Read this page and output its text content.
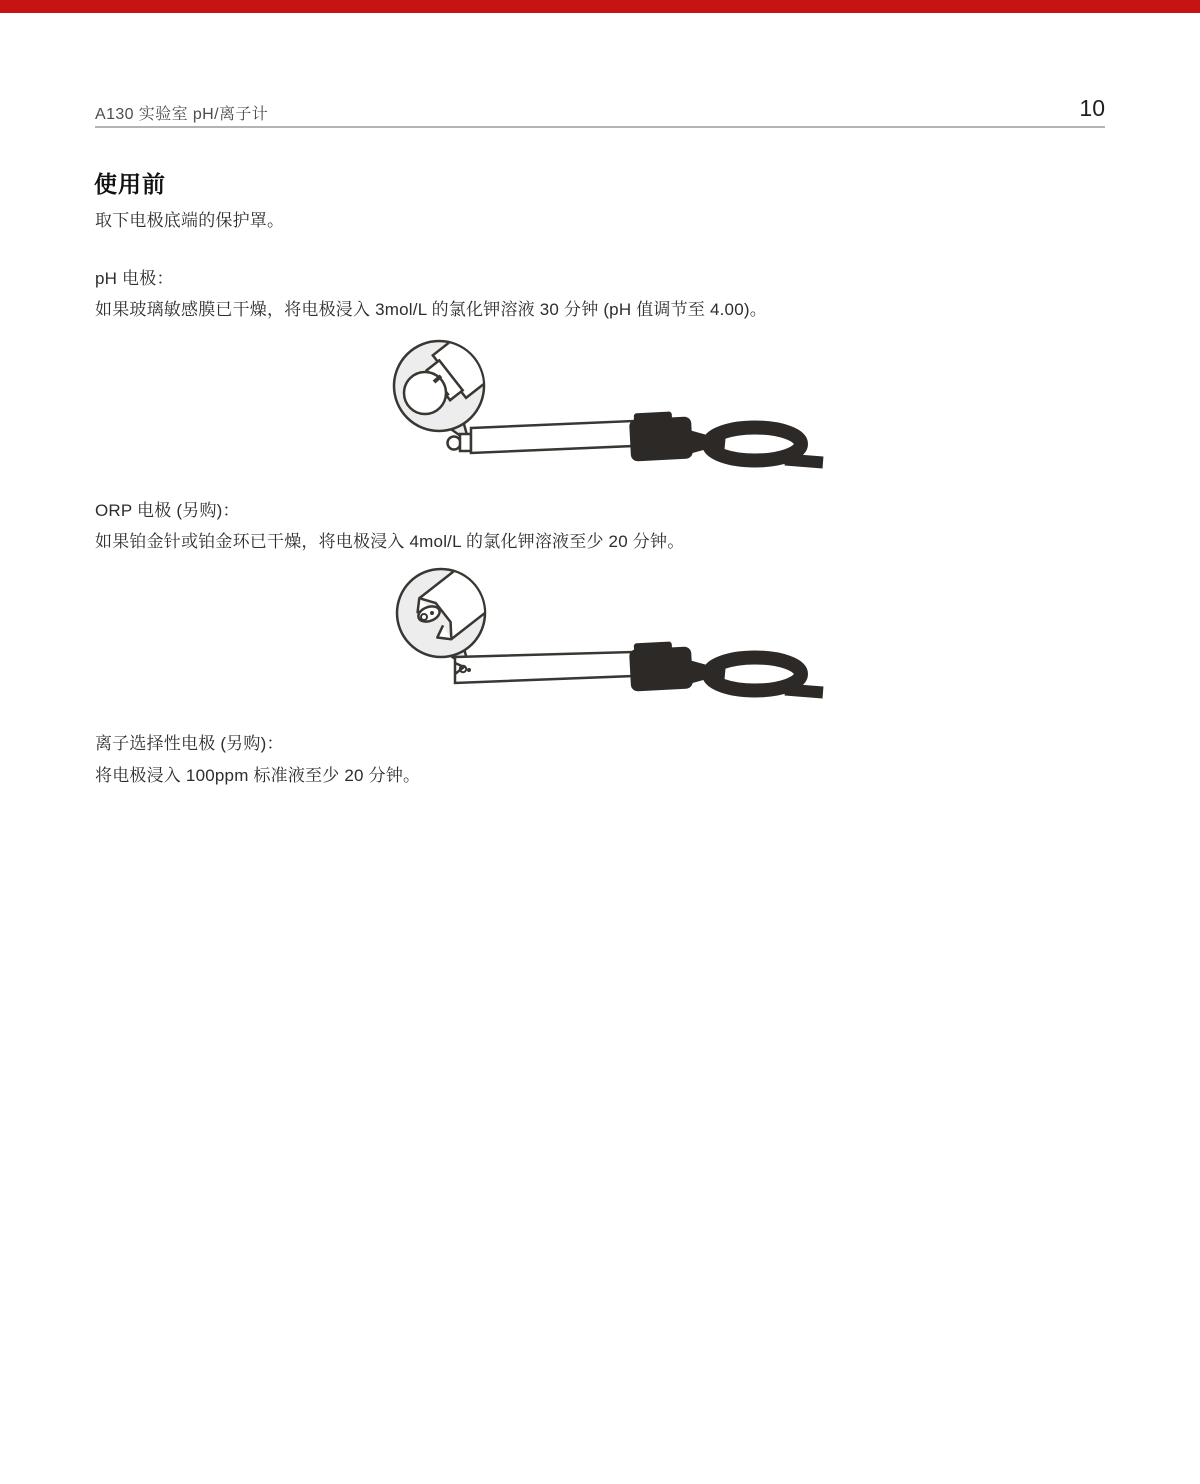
A130 实验室 pH/离子计	10
使用前

取下电极底端的保护罩。

pH 电极：

如果玻璃敏感膜已干燥，将电极浸入 3mol/L 的氯化钾溶液 30 分钟 (pH 值调节至 4.00)。

ORP 电极 (另购)：

如果铂金针或铂金环已干燥，将电极浸入 4mol/L 的氯化钾溶液至少 20 分钟。

离子选择性电极 (另购)：

将电极浸入 100ppm 标准液至少 20 分钟。
